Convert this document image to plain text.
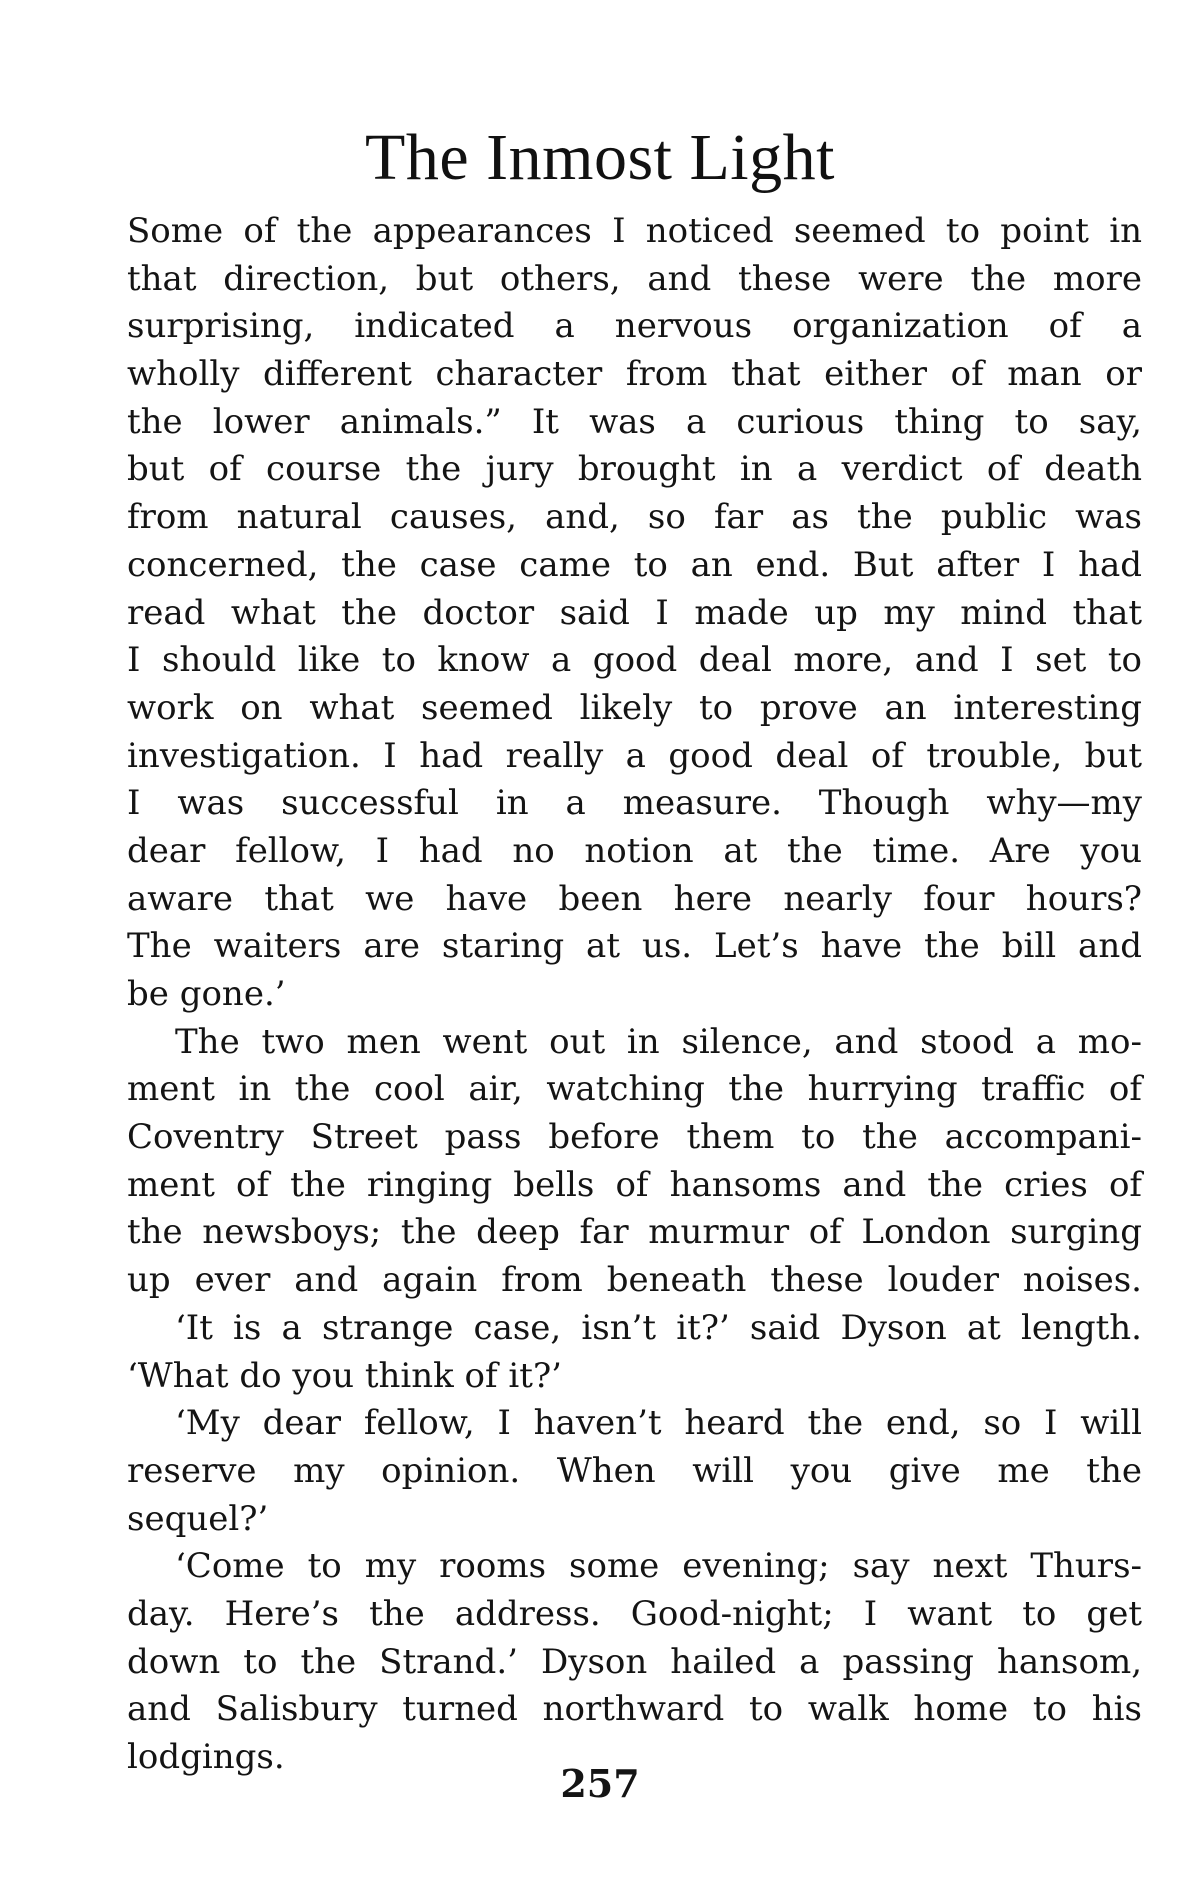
The Inmost Light
Some of the appearances I noticed seemed to point in
that direction, but others, and these were the more
surprising, indicated a nervous organization of a
wholly different character from that either of man or
the lower animals.” It was a curious thing to say,
but of course the jury brought in a verdict of death
from natural causes, and, so far as the public was
concerned, the case came to an end. But after I had
read what the doctor said I made up my mind that
I should like to know a good deal more, and I set to
work on what seemed likely to prove an interesting
investigation. I had really a good deal of trouble, but
I was successful in a measure. Though why—my
dear fellow, I had no notion at the time. Are you
aware that we have been here nearly four hours?
The waiters are staring at us. Let’s have the bill and
be gone.’
The two men went out in silence, and stood a mo-
ment in the cool air, watching the hurrying traffic of
Coventry Street pass before them to the accompani-
ment of the ringing bells of hansoms and the cries of
the newsboys; the deep far murmur of London surging
up ever and again from beneath these louder noises.
‘It is a strange case, isn’t it?’ said Dyson at length.
‘What do you think of it?’
‘My dear fellow, I haven’t heard the end, so I will
reserve my opinion. When will you give me the
sequel?’
‘Come to my rooms some evening; say next Thurs-
day. Here’s the address. Good-night; I want to get
down to the Strand.’ Dyson hailed a passing hansom,
and Salisbury turned northward to walk home to his
lodgings.
257
